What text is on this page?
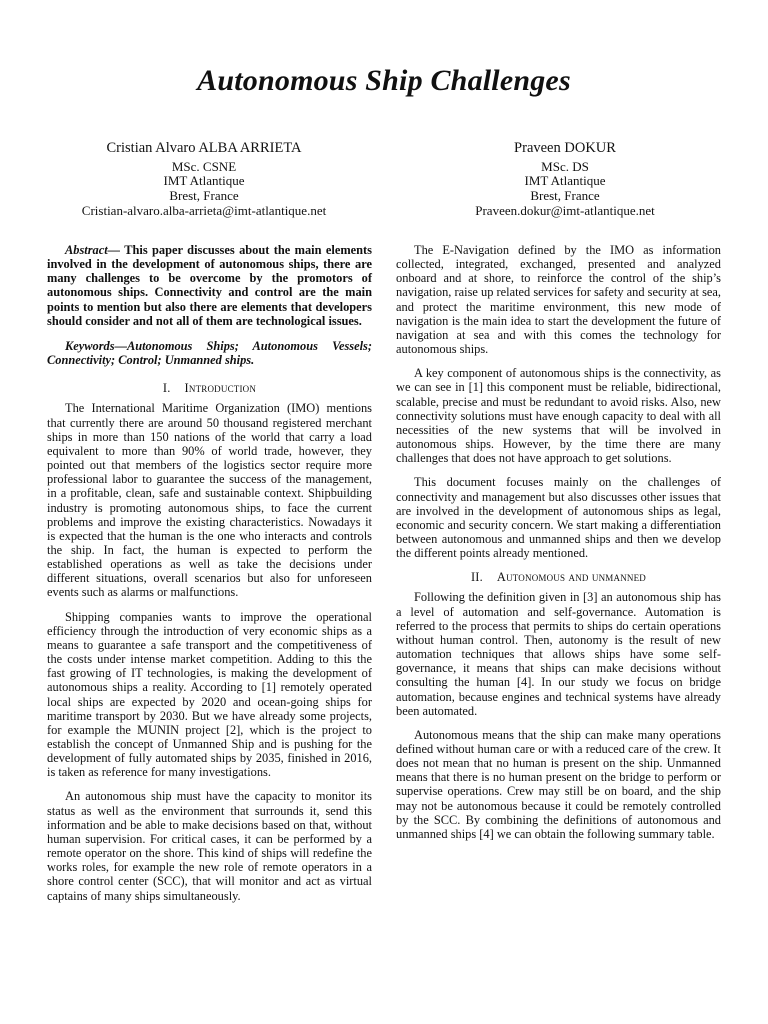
Autonomous Ship Challenges
Cristian Alvaro ALBA ARRIETA
MSc. CSNE
IMT Atlantique
Brest, France
Cristian-alvaro.alba-arrieta@imt-atlantique.net
Praveen DOKUR
MSc. DS
IMT Atlantique
Brest, France
Praveen.dokur@imt-atlantique.net

Abstract— This paper discusses about the main elements involved in the development of autonomous ships, there are many challenges to be overcome by the promotors of autonomous ships. Connectivity and control are the main points to mention but also there are elements that developers should consider and not all of them are technological issues.

Keywords—Autonomous Ships; Autonomous Vessels; Connectivity; Control; Unmanned ships.

I. Introduction

The International Maritime Organization (IMO) mentions that currently there are around 50 thousand registered merchant ships in more than 150 nations of the world that carry a load equivalent to more than 90% of world trade, however, they pointed out that members of the logistics sector require more professional labor to guarantee the success of the management, in a profitable, clean, safe and sustainable context. Shipbuilding industry is promoting autonomous ships, to face the current problems and improve the existing characteristics. Nowadays it is expected that the human is the one who interacts and controls the ship. In fact, the human is expected to perform the established operations as well as take the decisions under different situations, overall scenarios but also for unforeseen events such as alarms or malfunctions.

Shipping companies wants to improve the operational efficiency through the introduction of very economic ships as a means to guarantee a safe transport and the competitiveness of the costs under intense market competition. Adding to this the fast growing of IT technologies, is making the development of autonomous ships a reality. According to [1] remotely operated local ships are expected by 2020 and ocean-going ships for maritime transport by 2030. But we have already some projects, for example the MUNIN project [2], which is the project to establish the concept of Unmanned Ship and is pushing for the development of fully automated ships by 2035, finished in 2016, is taken as reference for many investigations.

An autonomous ship must have the capacity to monitor its status as well as the environment that surrounds it, send this information and be able to make decisions based on that, without human supervision. For critical cases, it can be performed by a remote operator on the shore. This kind of ships will redefine the works roles, for example the new role of remote operators in a shore control center (SCC), that will monitor and act as virtual captains of many ships simultaneously.

The E-Navigation defined by the IMO as information collected, integrated, exchanged, presented and analyzed onboard and at shore, to reinforce the control of the ship’s navigation, raise up related services for safety and security at sea, and protect the maritime environment, this new mode of navigation is the main idea to start the development the future of navigation at sea and with this comes the technology for autonomous ships.

A key component of autonomous ships is the connectivity, as we can see in [1] this component must be reliable, bidirectional, scalable, precise and must be redundant to avoid risks. Also, new connectivity solutions must have enough capacity to deal with all necessities of the new systems that will be involved in autonomous ships. However, by the time there are many challenges that does not have approach to get solutions.

This document focuses mainly on the challenges of connectivity and management but also discusses other issues that are involved in the development of autonomous ships as legal, economic and security concern. We start making a differentiation between autonomous and unmanned ships and then we develop the different points already mentioned.

II. Autonomous and unmanned

Following the definition given in [3] an autonomous ship has a level of automation and self-governance. Automation is referred to the process that permits to ships do certain operations without human control. Then, autonomy is the result of new automation techniques that allows ships have some self-governance, it means that ships can make decisions without consulting the human [4]. In our study we focus on bridge automation, because engines and technical systems have already been automated.

Autonomous means that the ship can make many operations defined without human care or with a reduced care of the crew. It does not mean that no human is present on the ship. Unmanned means that there is no human present on the bridge to perform or supervise operations. Crew may still be on board, and the ship may not be autonomous because it could be remotely controlled by the SCC. By combining the definitions of autonomous and unmanned ships [4] we can obtain the following summary table.
